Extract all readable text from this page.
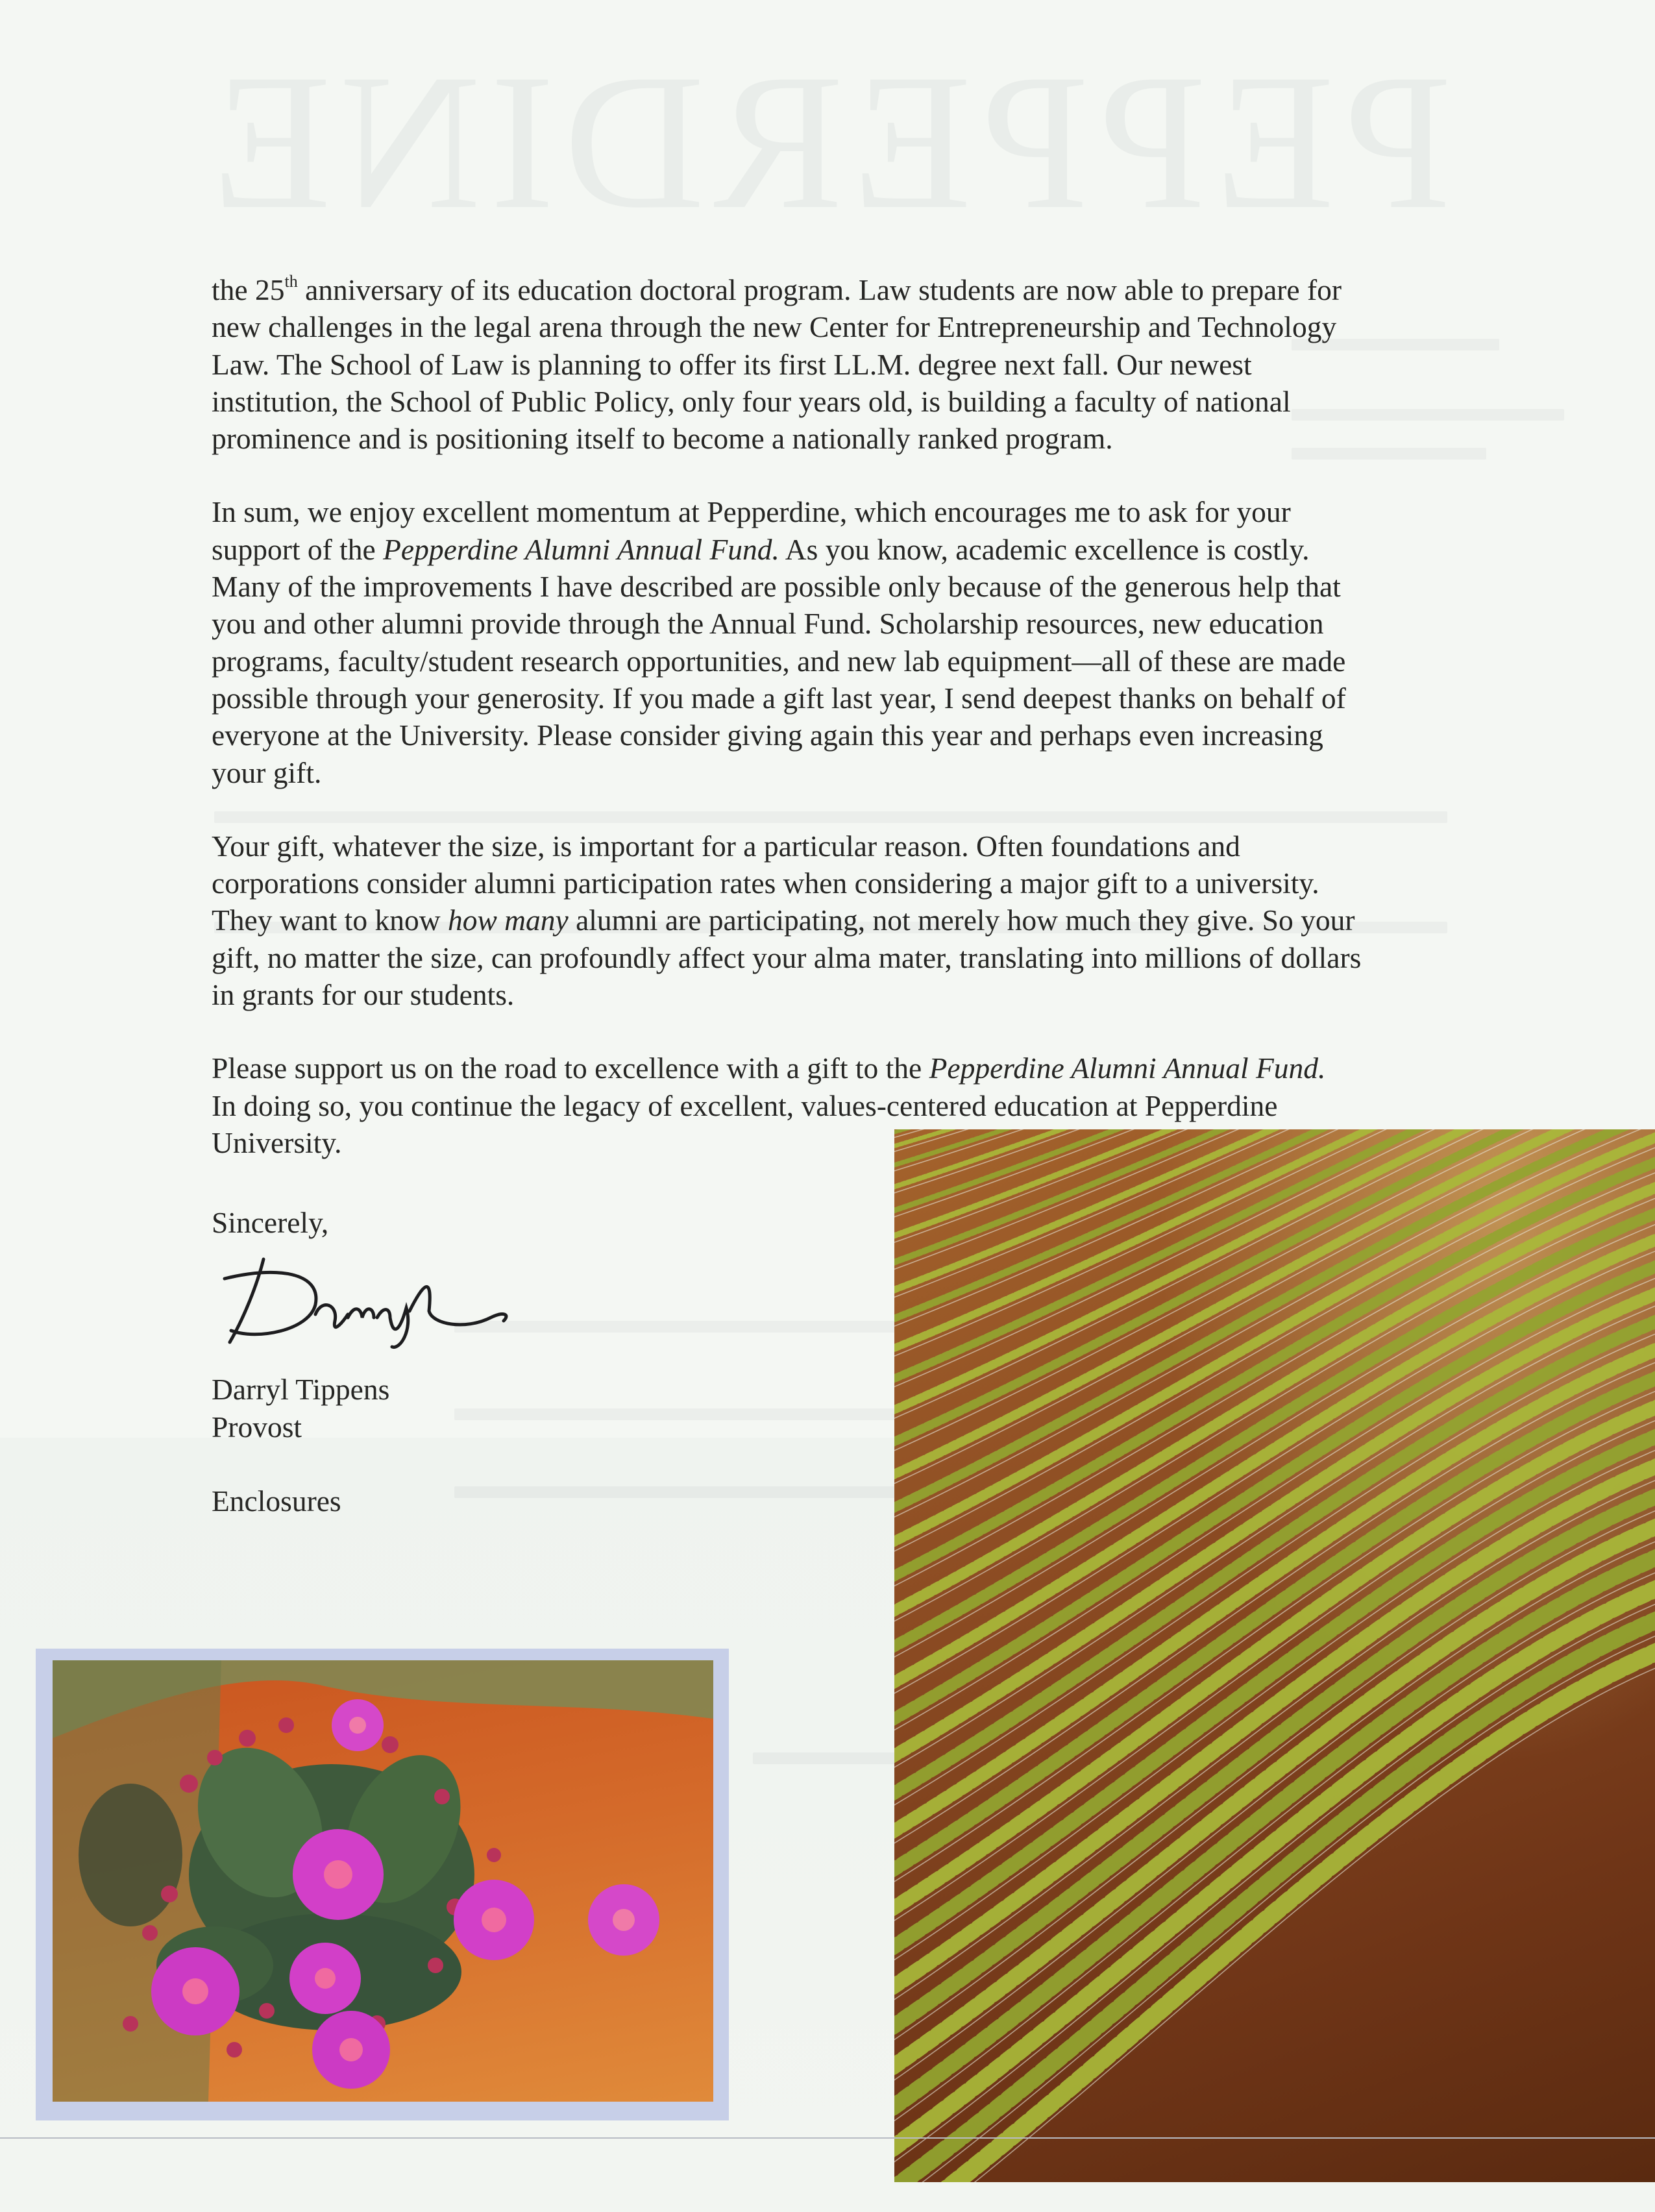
PEPPERDINE

the 25th anniversary of its education doctoral program. Law students are now able to prepare for
new challenges in the legal arena through the new Center for Entrepreneurship and Technology
Law. The School of Law is planning to offer its first LL.M. degree next fall. Our newest
institution, the School of Public Policy, only four years old, is building a faculty of national
prominence and is positioning itself to become a nationally ranked program.

In sum, we enjoy excellent momentum at Pepperdine, which encourages me to ask for your
support of the Pepperdine Alumni Annual Fund. As you know, academic excellence is costly.
Many of the improvements I have described are possible only because of the generous help that
you and other alumni provide through the Annual Fund. Scholarship resources, new education
programs, faculty/student research opportunities, and new lab equipment—all of these are made
possible through your generosity. If you made a gift last year, I send deepest thanks on behalf of
everyone at the University. Please consider giving again this year and perhaps even increasing
your gift.

Your gift, whatever the size, is important for a particular reason. Often foundations and
corporations consider alumni participation rates when considering a major gift to a university.
They want to know how many alumni are participating, not merely how much they give. So your
gift, no matter the size, can profoundly affect your alma mater, translating into millions of dollars
in grants for our students.

Please support us on the road to excellence with a gift to the Pepperdine Alumni Annual Fund.
In doing so, you continue the legacy of excellent, values-centered education at Pepperdine
University.

Sincerely,
Darryl Tippens
Provost
Enclosures
